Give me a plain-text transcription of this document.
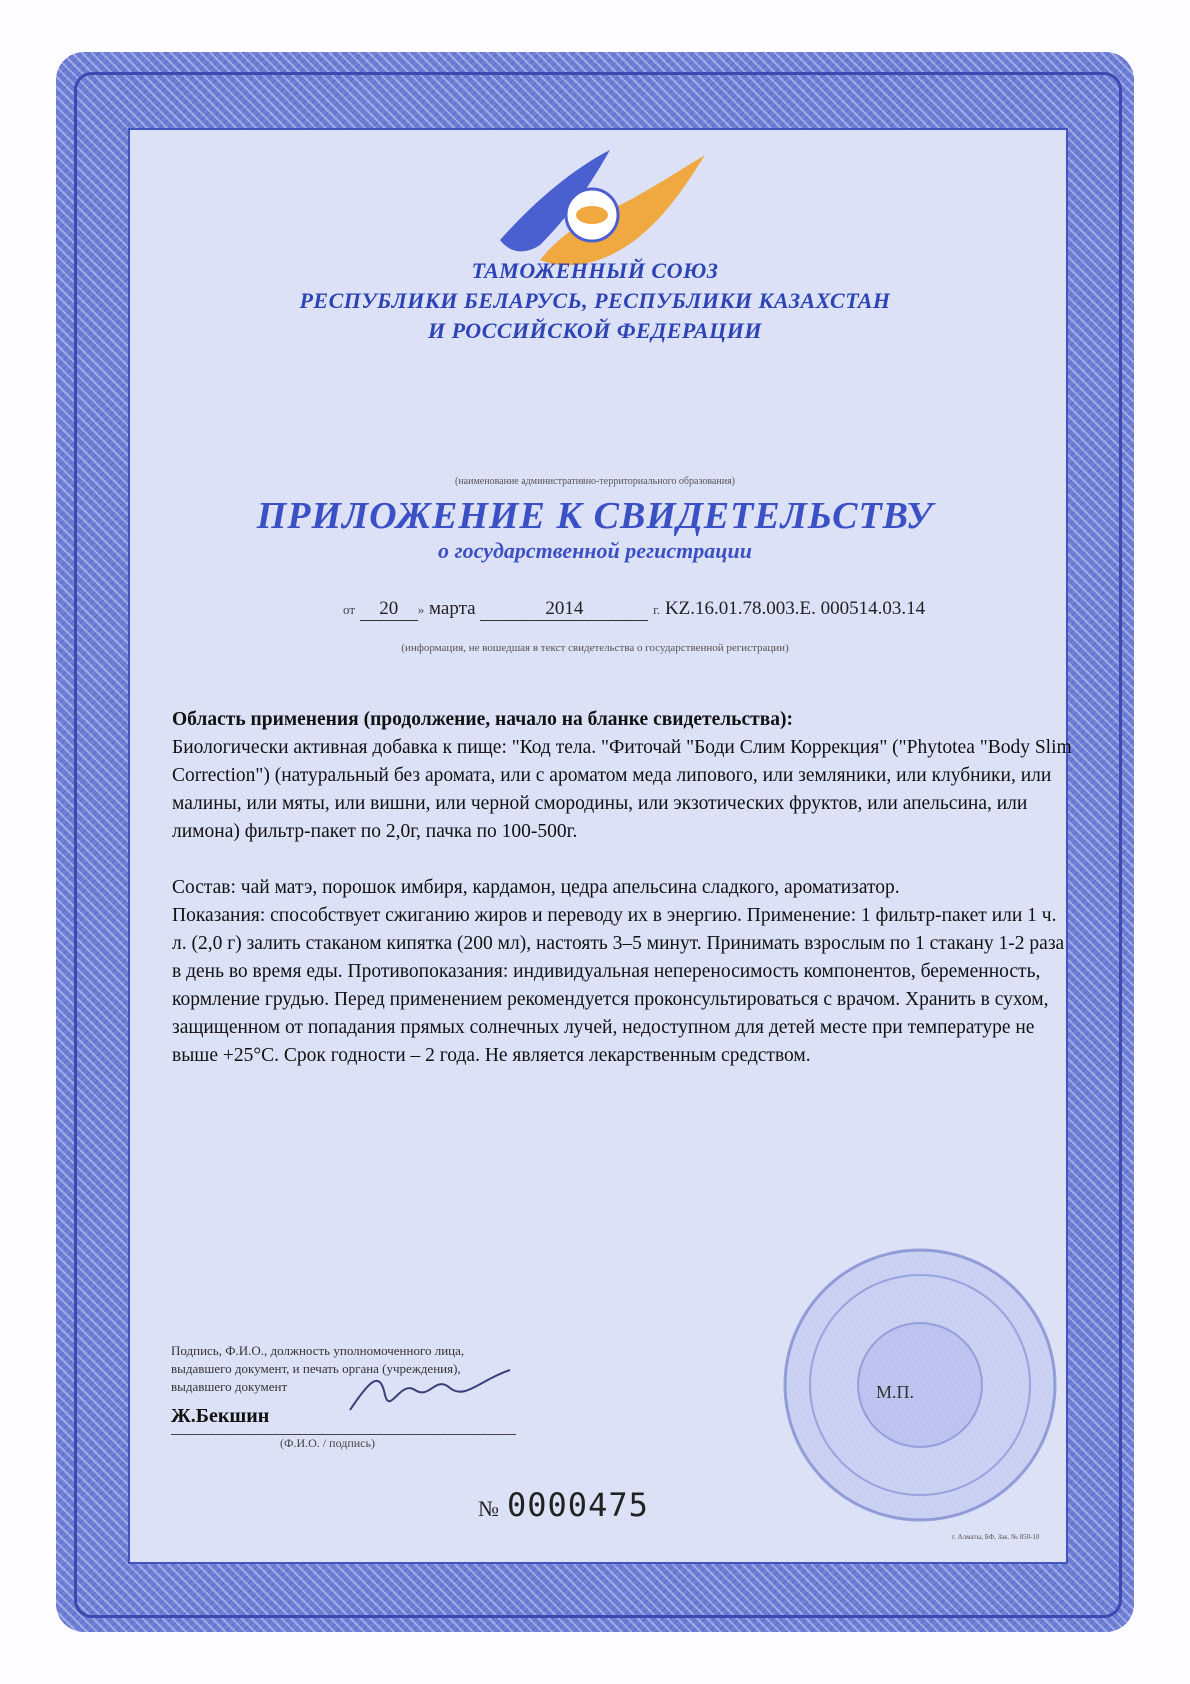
ТАМОЖЕННЫЙ СОЮЗ

РЕСПУБЛИКИ БЕЛАРУСЬ, РЕСПУБЛИКИ КАЗАХСТАН

И РОССИЙСКОЙ ФЕДЕРАЦИИ

(наименование административно-территориального образования)

ПРИЛОЖЕНИЕ К СВИДЕТЕЛЬСТВУ

о государственной регистрации

от 20 » марта	2014	г. KZ.16.01.78.003.Е. 000514.03.14

(информация, не вошедшая в текст свидетельства о государственной регистрации)

Область применения (продолжение, начало на бланке свидетельства):

Биологически активная добавка к пище: "Код тела. "Фиточай "Боди Слим Коррекция" ("Phytotea "Body Slim Correction") (натуральный без аромата, или с ароматом меда липового, или земляники, или клубники, или малины, или мяты, или вишни, или черной смородины, или экзотических фруктов, или апельсина, или лимона) фильтр-пакет по 2,0г, пачка по 100-500г.

Состав: чай матэ, порошок имбиря, кардамон, цедра апельсина сладкого, ароматизатор.

Показания: способствует сжиганию жиров и переводу их в энергию. Применение: 1 фильтр-пакет или 1 ч. л. (2,0 г) залить стаканом кипятка (200 мл), настоять 3–5 минут. Принимать взрослым по 1 стакану 1-2 раза в день во время еды. Противопоказания: индивидуальная непереносимость компонентов, беременность, кормление грудью. Перед применением рекомендуется проконсультироваться с врачом. Хранить в сухом, защищенном от попадания прямых солнечных лучей, недоступном для детей месте при температуре не выше +25°С. Срок годности – 2 года. Не является лекарственным средством.

М.П.
Подпись, Ф.И.О., должность уполномоченного лица,
выдавшего документ, и печать органа (учреждения),
выдавшего документ
Ж.Бекшин
(Ф.И.О. / подпись)
№ 0000475
г. Алматы, БФ, Зак. № 850-10
